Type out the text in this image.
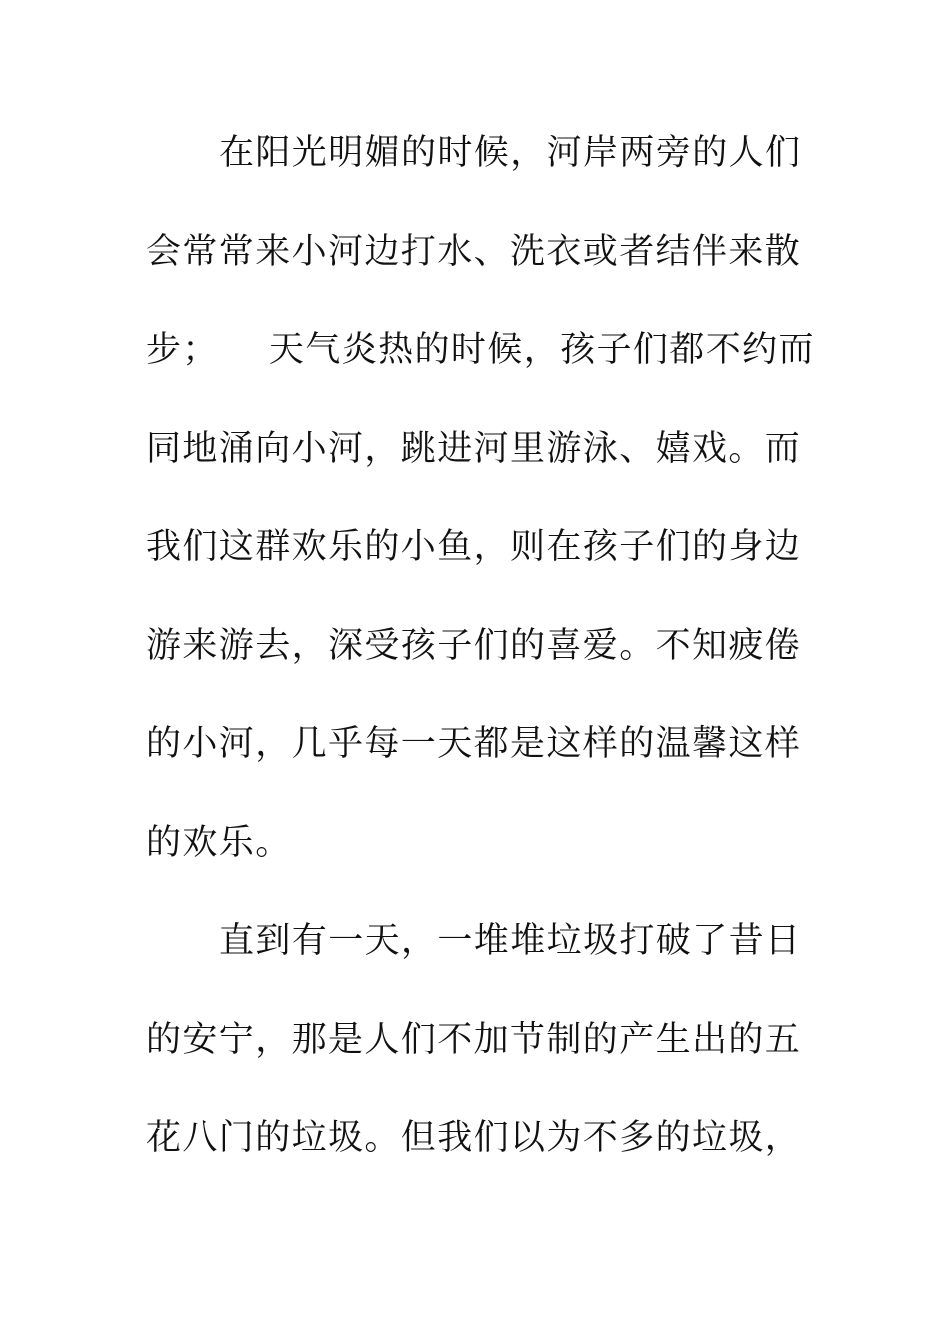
在阳光明媚的时候，河岸两旁的人们
会常常来小河边打水、洗衣或者结伴来散
步；    天气炎热的时候，孩子们都不约而
同地涌向小河，跳进河里游泳、嬉戏。而
我们这群欢乐的小鱼，则在孩子们的身边
游来游去，深受孩子们的喜爱。不知疲倦
的小河，几乎每一天都是这样的温馨这样
的欢乐。
直到有一天，一堆堆垃圾打破了昔日
的安宁，那是人们不加节制的产生出的五
花八门的垃圾。但我们以为不多的垃圾，
